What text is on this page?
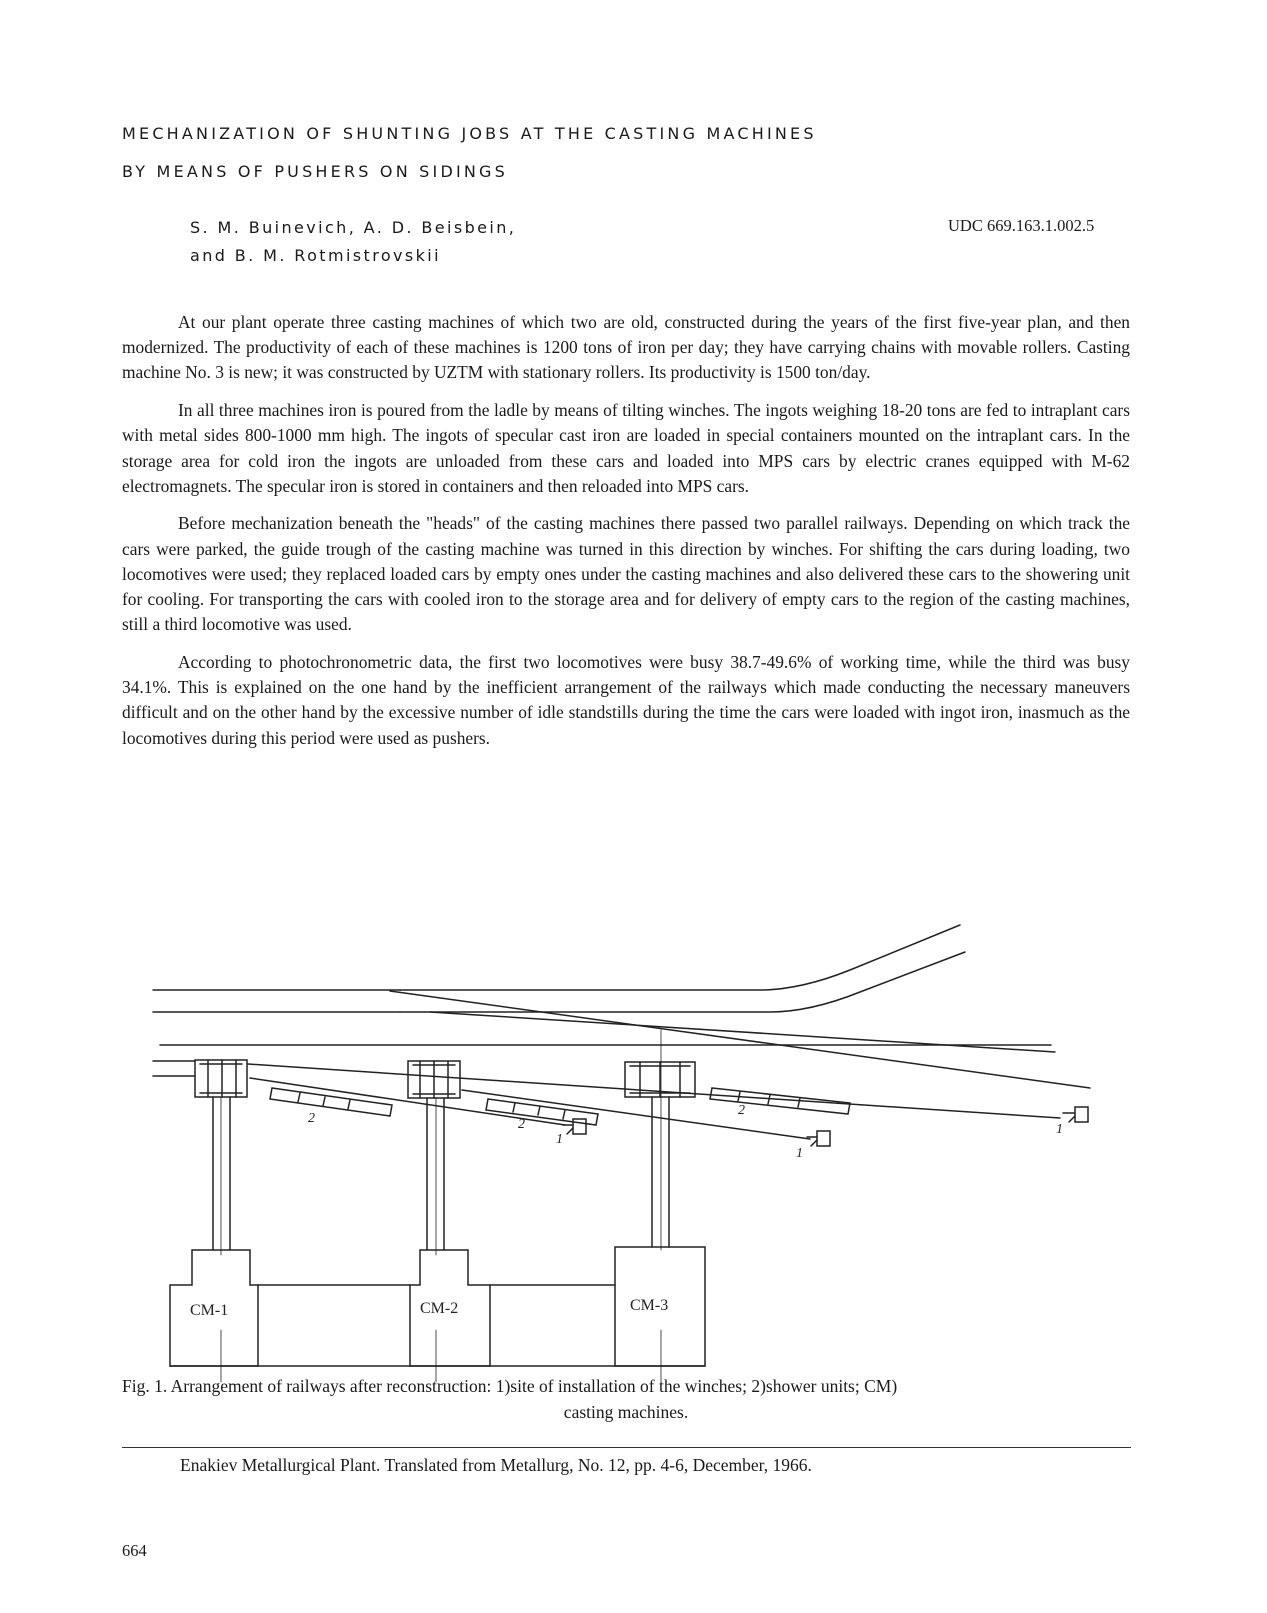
MECHANIZATION OF SHUNTING JOBS AT THE CASTING MACHINES
BY MEANS OF PUSHERS ON SIDINGS
S. M. Buinevich, A. D. Beisbein,
and B. M. Rotmistrovskii
UDC 669.163.1.002.5

At our plant operate three casting machines of which two are old, constructed during the years of the first five-year plan, and then modernized. The productivity of each of these machines is 1200 tons of iron per day; they have carrying chains with movable rollers. Casting machine No. 3 is new; it was constructed by UZTM with stationary rollers. Its productivity is 1500 ton/day.

In all three machines iron is poured from the ladle by means of tilting winches. The ingots weighing 18-20 tons are fed to intraplant cars with metal sides 800-1000 mm high. The ingots of specular cast iron are loaded in special containers mounted on the intraplant cars. In the storage area for cold iron the ingots are unloaded from these cars and loaded into MPS cars by electric cranes equipped with M-62 electromagnets. The specular iron is stored in containers and then reloaded into MPS cars.

Before mechanization beneath the "heads" of the casting machines there passed two parallel railways. Depending on which track the cars were parked, the guide trough of the casting machine was turned in this direction by winches. For shifting the cars during loading, two locomotives were used; they replaced loaded cars by empty ones under the casting machines and also delivered these cars to the showering unit for cooling. For transporting the cars with cooled iron to the storage area and for delivery of empty cars to the region of the casting machines, still a third locomotive was used.

According to photochronometric data, the first two locomotives were busy 38.7-49.6% of working time, while the third was busy 34.1%. This is explained on the one hand by the inefficient arrangement of the railways which made conducting the necessary maneuvers difficult and on the other hand by the excessive number of idle standstills during the time the cars were loaded with ingot iron, inasmuch as the locomotives during this period were used as pushers.

CM-1	CM-2	CM-3
2	2
2
1
1
1
Fig. 1. Arrangement of railways after reconstruction: 1)site of installation of the winches; 2)shower units; CM)
casting machines.
Enakiev Metallurgical Plant. Translated from Metallurg, No. 12, pp. 4-6, December, 1966.
664
